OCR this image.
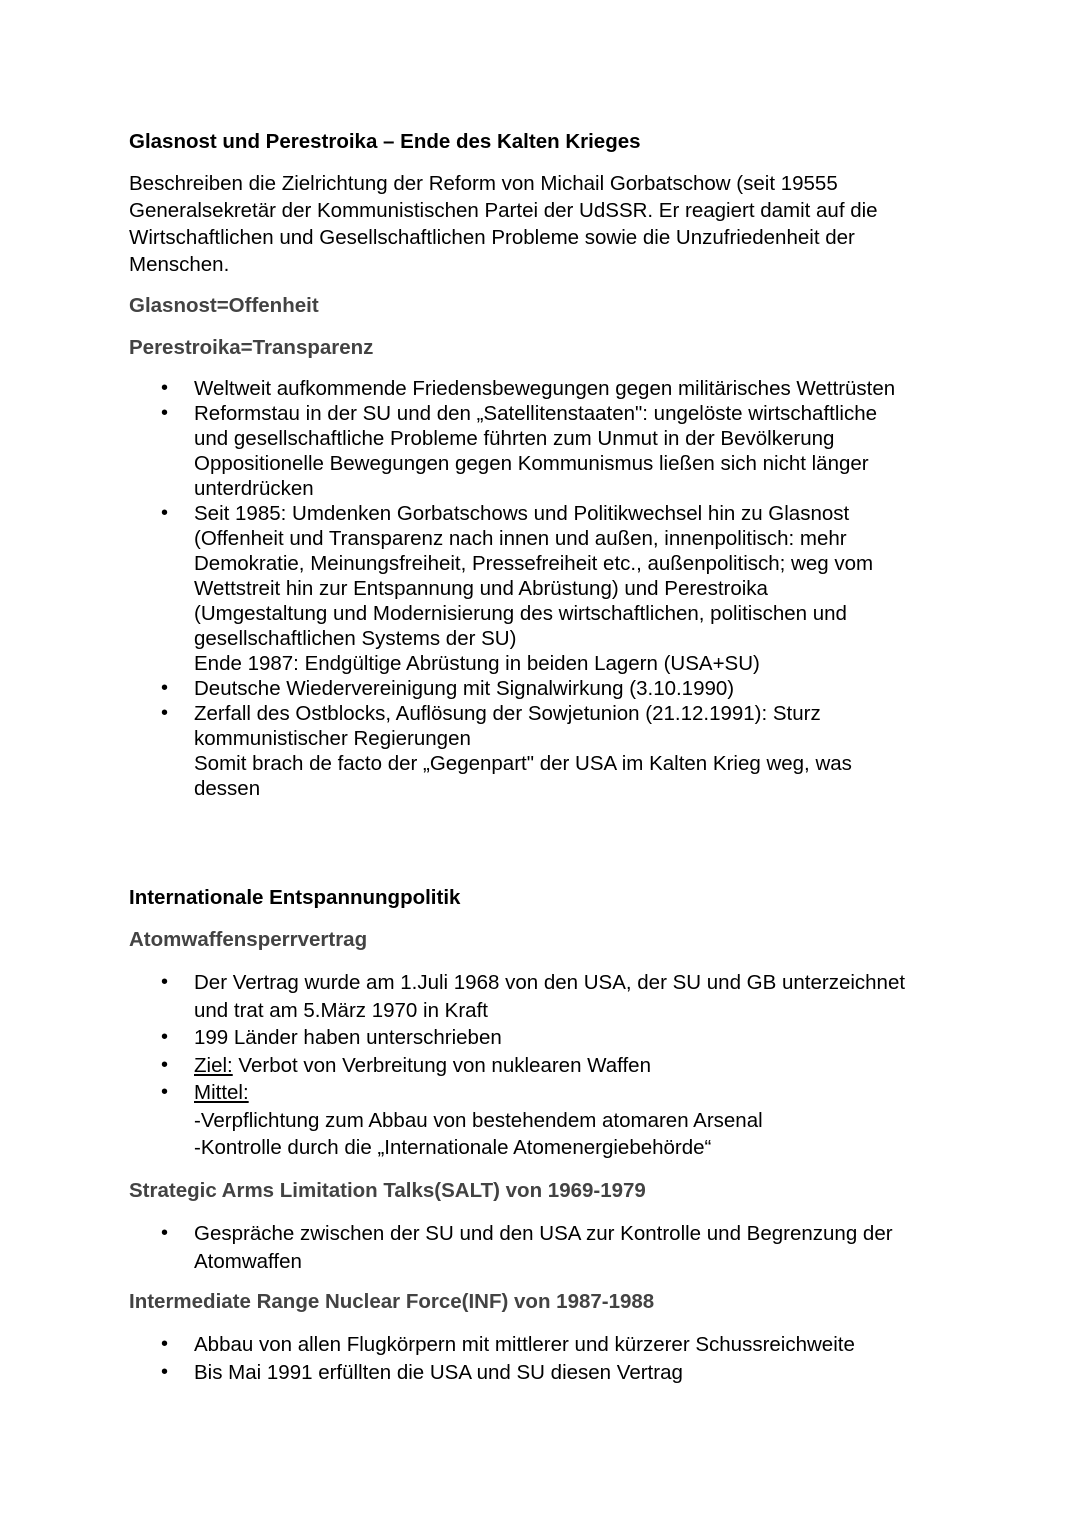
Glasnost und Perestroika – Ende des Kalten Krieges

Beschreiben die Zielrichtung der Reform von Michail Gorbatschow (seit 19555
Generalsekretär der Kommunistischen Partei der UdSSR. Er reagiert damit auf die
Wirtschaftlichen und Gesellschaftlichen Probleme sowie die Unzufriedenheit der
Menschen.

Glasnost=Offenheit
Perestroika=Transparenz
• Weltweit aufkommende Friedensbewegungen gegen militärisches Wettrüsten
• Reformstau in der SU und den „Satellitenstaaten": ungelöste wirtschaftliche
und gesellschaftliche Probleme führten zum Unmut in der Bevölkerung
Oppositionelle Bewegungen gegen Kommunismus ließen sich nicht länger
unterdrücken
• Seit 1985: Umdenken Gorbatschows und Politikwechsel hin zu Glasnost
(Offenheit und Transparenz nach innen und außen, innenpolitisch: mehr
Demokratie, Meinungsfreiheit, Pressefreiheit etc., außenpolitisch; weg vom
Wettstreit hin zur Entspannung und Abrüstung) und Perestroika
(Umgestaltung und Modernisierung des wirtschaftlichen, politischen und
gesellschaftlichen Systems der SU)
Ende 1987: Endgültige Abrüstung in beiden Lagern (USA+SU)
• Deutsche Wiedervereinigung mit Signalwirkung (3.10.1990)
• Zerfall des Ostblocks, Auflösung der Sowjetunion (21.12.1991): Sturz
kommunistischer Regierungen
Somit brach de facto der „Gegenpart" der USA im Kalten Krieg weg, was
dessen
Internationale Entspannungpolitik
Atomwaffensperrvertrag
• Der Vertrag wurde am 1.Juli 1968 von den USA, der SU und GB unterzeichnet
und trat am 5.März 1970 in Kraft
• 199 Länder haben unterschrieben
• Ziel: Verbot von Verbreitung von nuklearen Waffen
• Mittel:
-Verpflichtung zum Abbau von bestehendem atomaren Arsenal
-Kontrolle durch die „Internationale Atomenergiebehörde“
Strategic Arms Limitation Talks(SALT) von 1969-1979
• Gespräche zwischen der SU und den USA zur Kontrolle und Begrenzung der
Atomwaffen
Intermediate Range Nuclear Force(INF) von 1987-1988
• Abbau von allen Flugkörpern mit mittlerer und kürzerer Schussreichweite
• Bis Mai 1991 erfüllten die USA und SU diesen Vertrag
